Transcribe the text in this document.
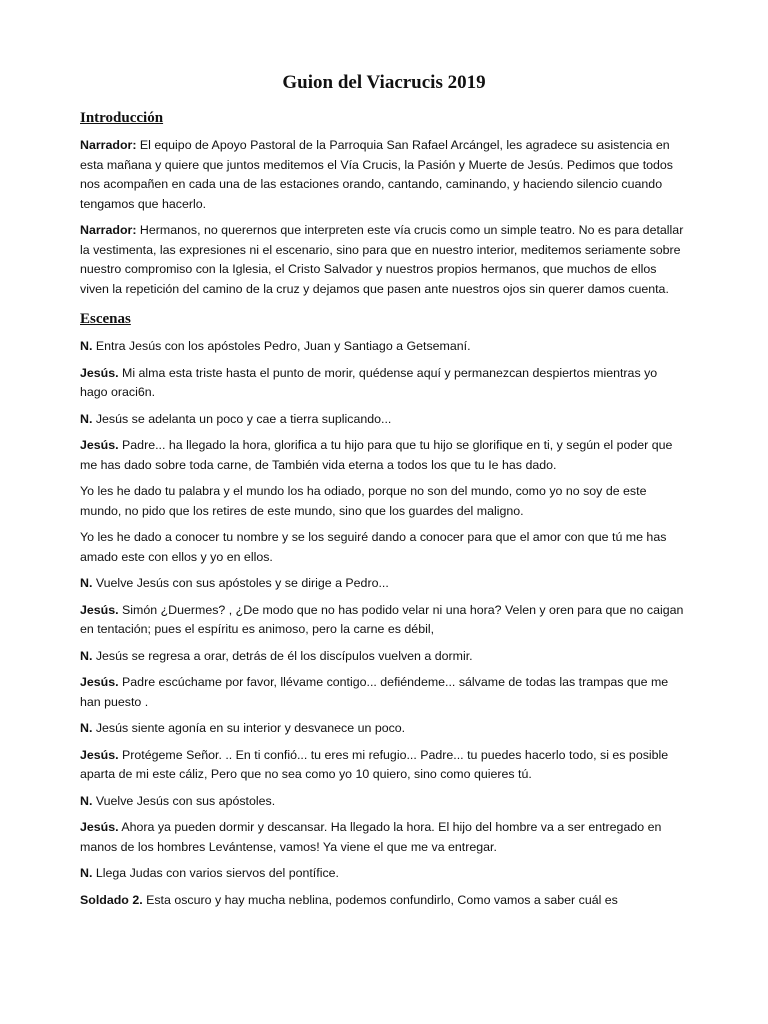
Guion del Viacrucis 2019
Introducción

Narrador: El equipo de Apoyo Pastoral de la Parroquia San Rafael Arcángel, les agradece su asistencia en esta mañana y quiere que juntos meditemos el Vía Crucis, la Pasión y Muerte de Jesús. Pedimos que todos nos acompañen en cada una de las estaciones orando, cantando, caminando, y haciendo silencio cuando tengamos que hacerlo.

Narrador: Hermanos, no querernos que interpreten este vía crucis como un simple teatro. No es para detallar la vestimenta, las expresiones ni el escenario, sino para que en nuestro interior, meditemos seriamente sobre nuestro compromiso con la Iglesia, el Cristo Salvador y nuestros propios hermanos, que muchos de ellos viven la repetición del camino de la cruz y dejamos que pasen ante nuestros ojos sin querer damos cuenta.

Escenas

N. Entra Jesús con los apóstoles Pedro, Juan y Santiago a Getsemaní.

Jesús. Mi alma esta triste hasta el punto de morir, quédense aquí y permanezcan despiertos mientras yo hago oraci6n.

N. Jesús se adelanta un poco y cae a tierra suplicando...

Jesús. Padre... ha llegado la hora, glorifica a tu hijo para que tu hijo se glorifique en ti, y según el poder que me has dado sobre toda carne, de También vida eterna a todos los que tu Ie has dado.

Yo les he dado tu palabra y el mundo los ha odiado, porque no son del mundo, como yo no soy de este mundo, no pido que los retires de este mundo, sino que los guardes del maligno.

Yo les he dado a conocer tu nombre y se los seguiré dando a conocer para que el amor con que tú me has amado este con ellos y yo en ellos.

N. Vuelve Jesús con sus apóstoles y se dirige a Pedro...

Jesús. Simón ¿Duermes? , ¿De modo que no has podido velar ni una hora? Velen y oren para que no caigan en tentación; pues el espíritu es animoso, pero la carne es débil,

N. Jesús se regresa a orar, detrás de él los discípulos vuelven a dormir.

Jesús. Padre escúchame por favor, llévame contigo... defiéndeme... sálvame de todas las trampas que me han puesto .

N. Jesús siente agonía en su interior y desvanece un poco.

Jesús. Protégeme Señor. .. En ti confió... tu eres mi refugio... Padre... tu puedes hacerlo todo, si es posible aparta de mi este cáliz, Pero que no sea como yo 10 quiero, sino como quieres tú.

N. Vuelve Jesús con sus apóstoles.

Jesús. Ahora ya pueden dormir y descansar. Ha llegado la hora. El hijo del hombre va a ser entregado en manos de los hombres Levántense, vamos! Ya viene el que me va entregar.

N. Llega Judas con varios siervos del pontífice.

Soldado 2. Esta oscuro y hay mucha neblina, podemos confundirlo, Como vamos a saber cuál es
